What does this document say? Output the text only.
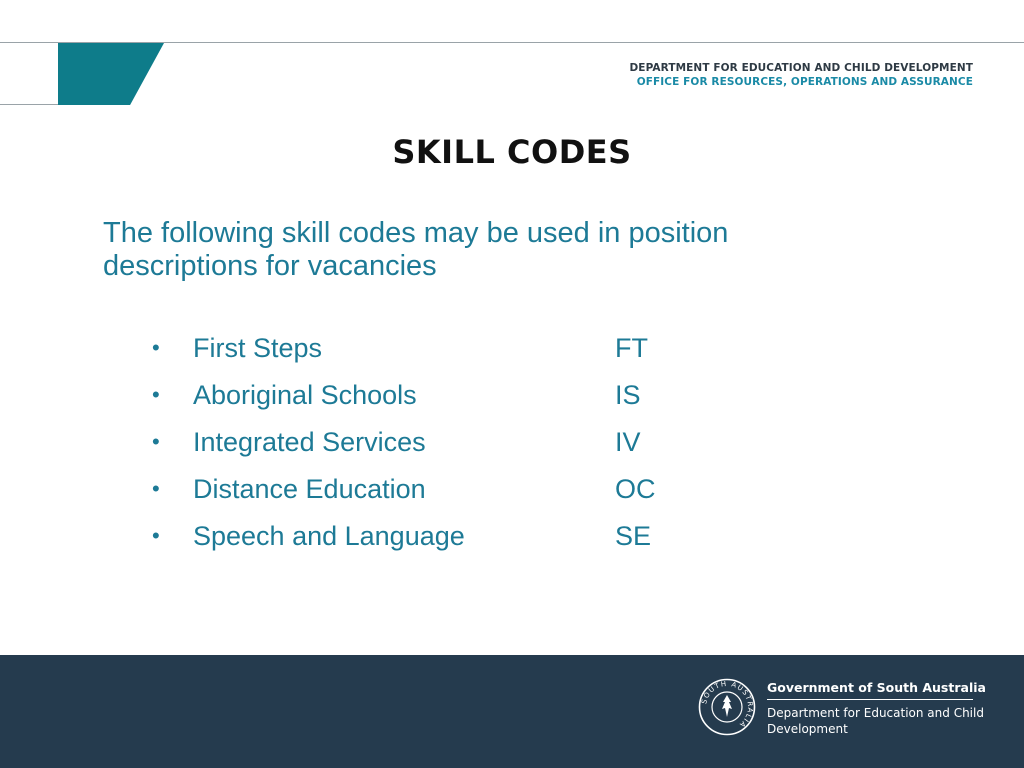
DEPARTMENT FOR EDUCATION AND CHILD DEVELOPMENT
OFFICE FOR RESOURCES, OPERATIONS AND ASSURANCE
SKILL CODES
The following skill codes may be used in position descriptions for vacancies
• First Steps	FT
• Aboriginal Schools	IS
• Integrated Services	IV
• Distance Education	OC
• Speech and Language	SE
SOUTH AUSTRALIA
Government of South Australia
Department for Education and Child Development
